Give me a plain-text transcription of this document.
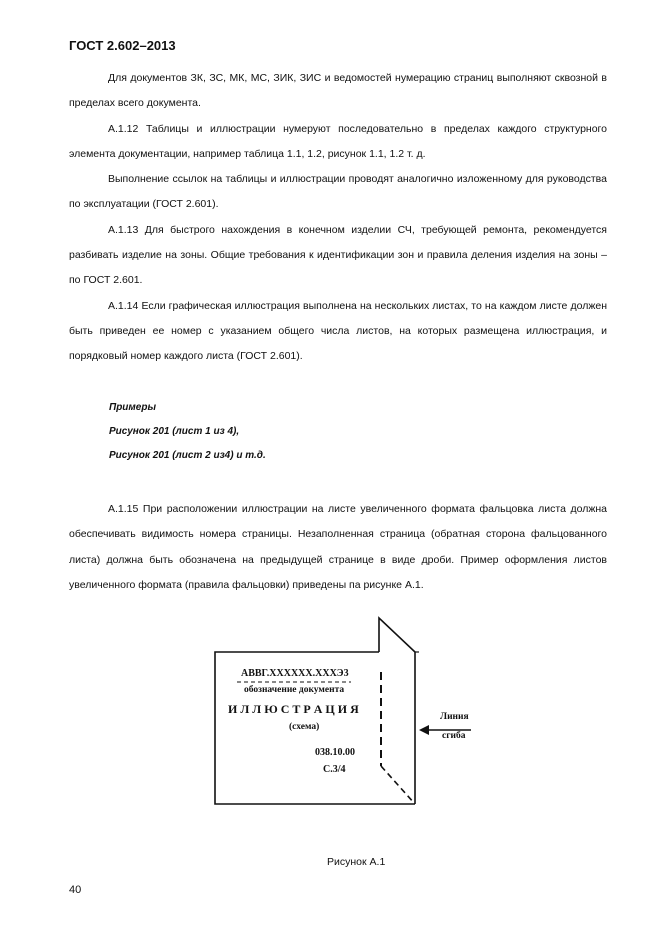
ГОСТ 2.602–2013

Для документов ЗК, ЗС, МК, МС, ЗИК, ЗИС и ведомостей нумерацию страниц выполняют сквозной в пределах всего документа.

А.1.12 Таблицы и иллюстрации нумеруют последовательно в пределах каждого структурного элемента документации, например таблица 1.1, 1.2, рисунок 1.1, 1.2 т. д.

Выполнение ссылок на таблицы и иллюстрации проводят аналогично изложенному для руководства по эксплуатации (ГОСТ 2.601).

А.1.13 Для быстрого нахождения в конечном изделии СЧ, требующей ремонта, рекомендуется разбивать изделие на зоны. Общие требования к идентификации зон и правила деления изделия на зоны – по ГОСТ 2.601.

А.1.14 Если графическая иллюстрация выполнена на нескольких листах, то на каждом листе должен быть приведен ее номер с указанием общего числа листов, на которых размещена иллюстрация, и порядковый номер каждого листа (ГОСТ 2.601).

Примеры
Рисунок 201 (лист 1 из 4),
Рисунок 201 (лист 2 из4) и т.д.

А.1.15 При расположении иллюстрации на листе увеличенного формата фальцовка листа должна обеспечивать видимость номера страницы. Незаполненная страница (обратная сторона фальцованного листа) должна быть обозначена на предыдущей странице в виде дроби. Пример оформления листов увеличенного формата (правила фальцовки) приведены па рисунке А.1.

АВВГ.XXXXXX.XXXЭ3
обозначение документа
И Л Л Ю С Т Р А Ц И Я
(схема)
038.10.00
С.3/4
Линия
сгиба
Рисунок А.1
40
